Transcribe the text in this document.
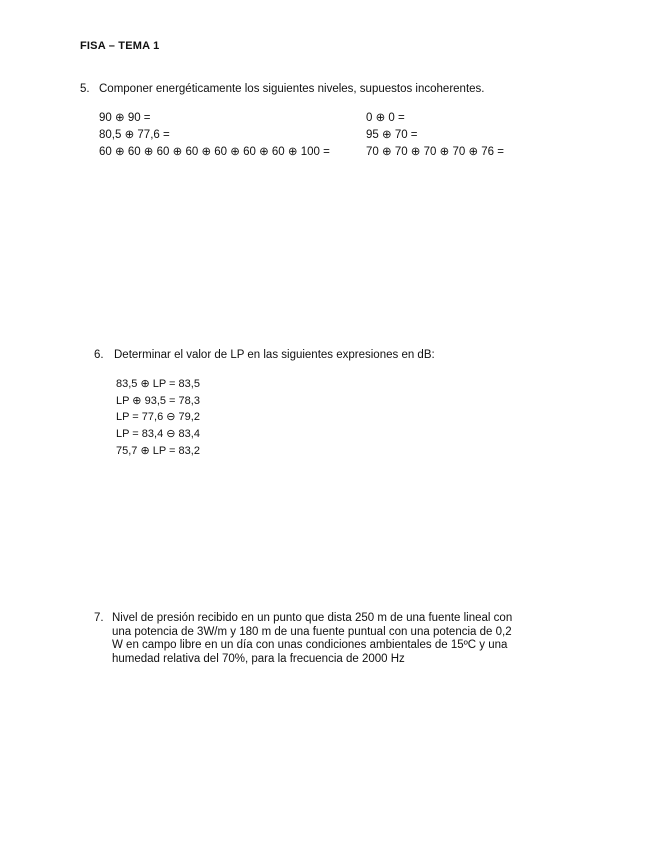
FISA – TEMA 1
5. Componer energéticamente los siguientes niveles, supuestos incoherentes.
90 ⊕ 90 =
80,5 ⊕ 77,6 =
60 ⊕ 60 ⊕ 60 ⊕ 60 ⊕ 60 ⊕ 60 ⊕ 60 ⊕ 100 =
0 ⊕ 0 =
95 ⊕ 70 =
70 ⊕ 70 ⊕ 70 ⊕ 70 ⊕ 76 =
6. Determinar el valor de LP en las siguientes expresiones en dB:
83,5 ⊕ LP = 83,5
LP ⊕ 93,5 = 78,3
LP = 77,6 ⊖ 79,2
LP = 83,4 ⊖ 83,4
75,7 ⊕ LP = 83,2
7. Nivel de presión recibido en un punto que dista 250 m de una fuente lineal con
una potencia de 3W/m y 180 m de una fuente puntual con una potencia de 0,2
W en campo libre en un día con unas condiciones ambientales de 15ºC y una
humedad relativa del 70%, para la frecuencia de 2000 Hz
